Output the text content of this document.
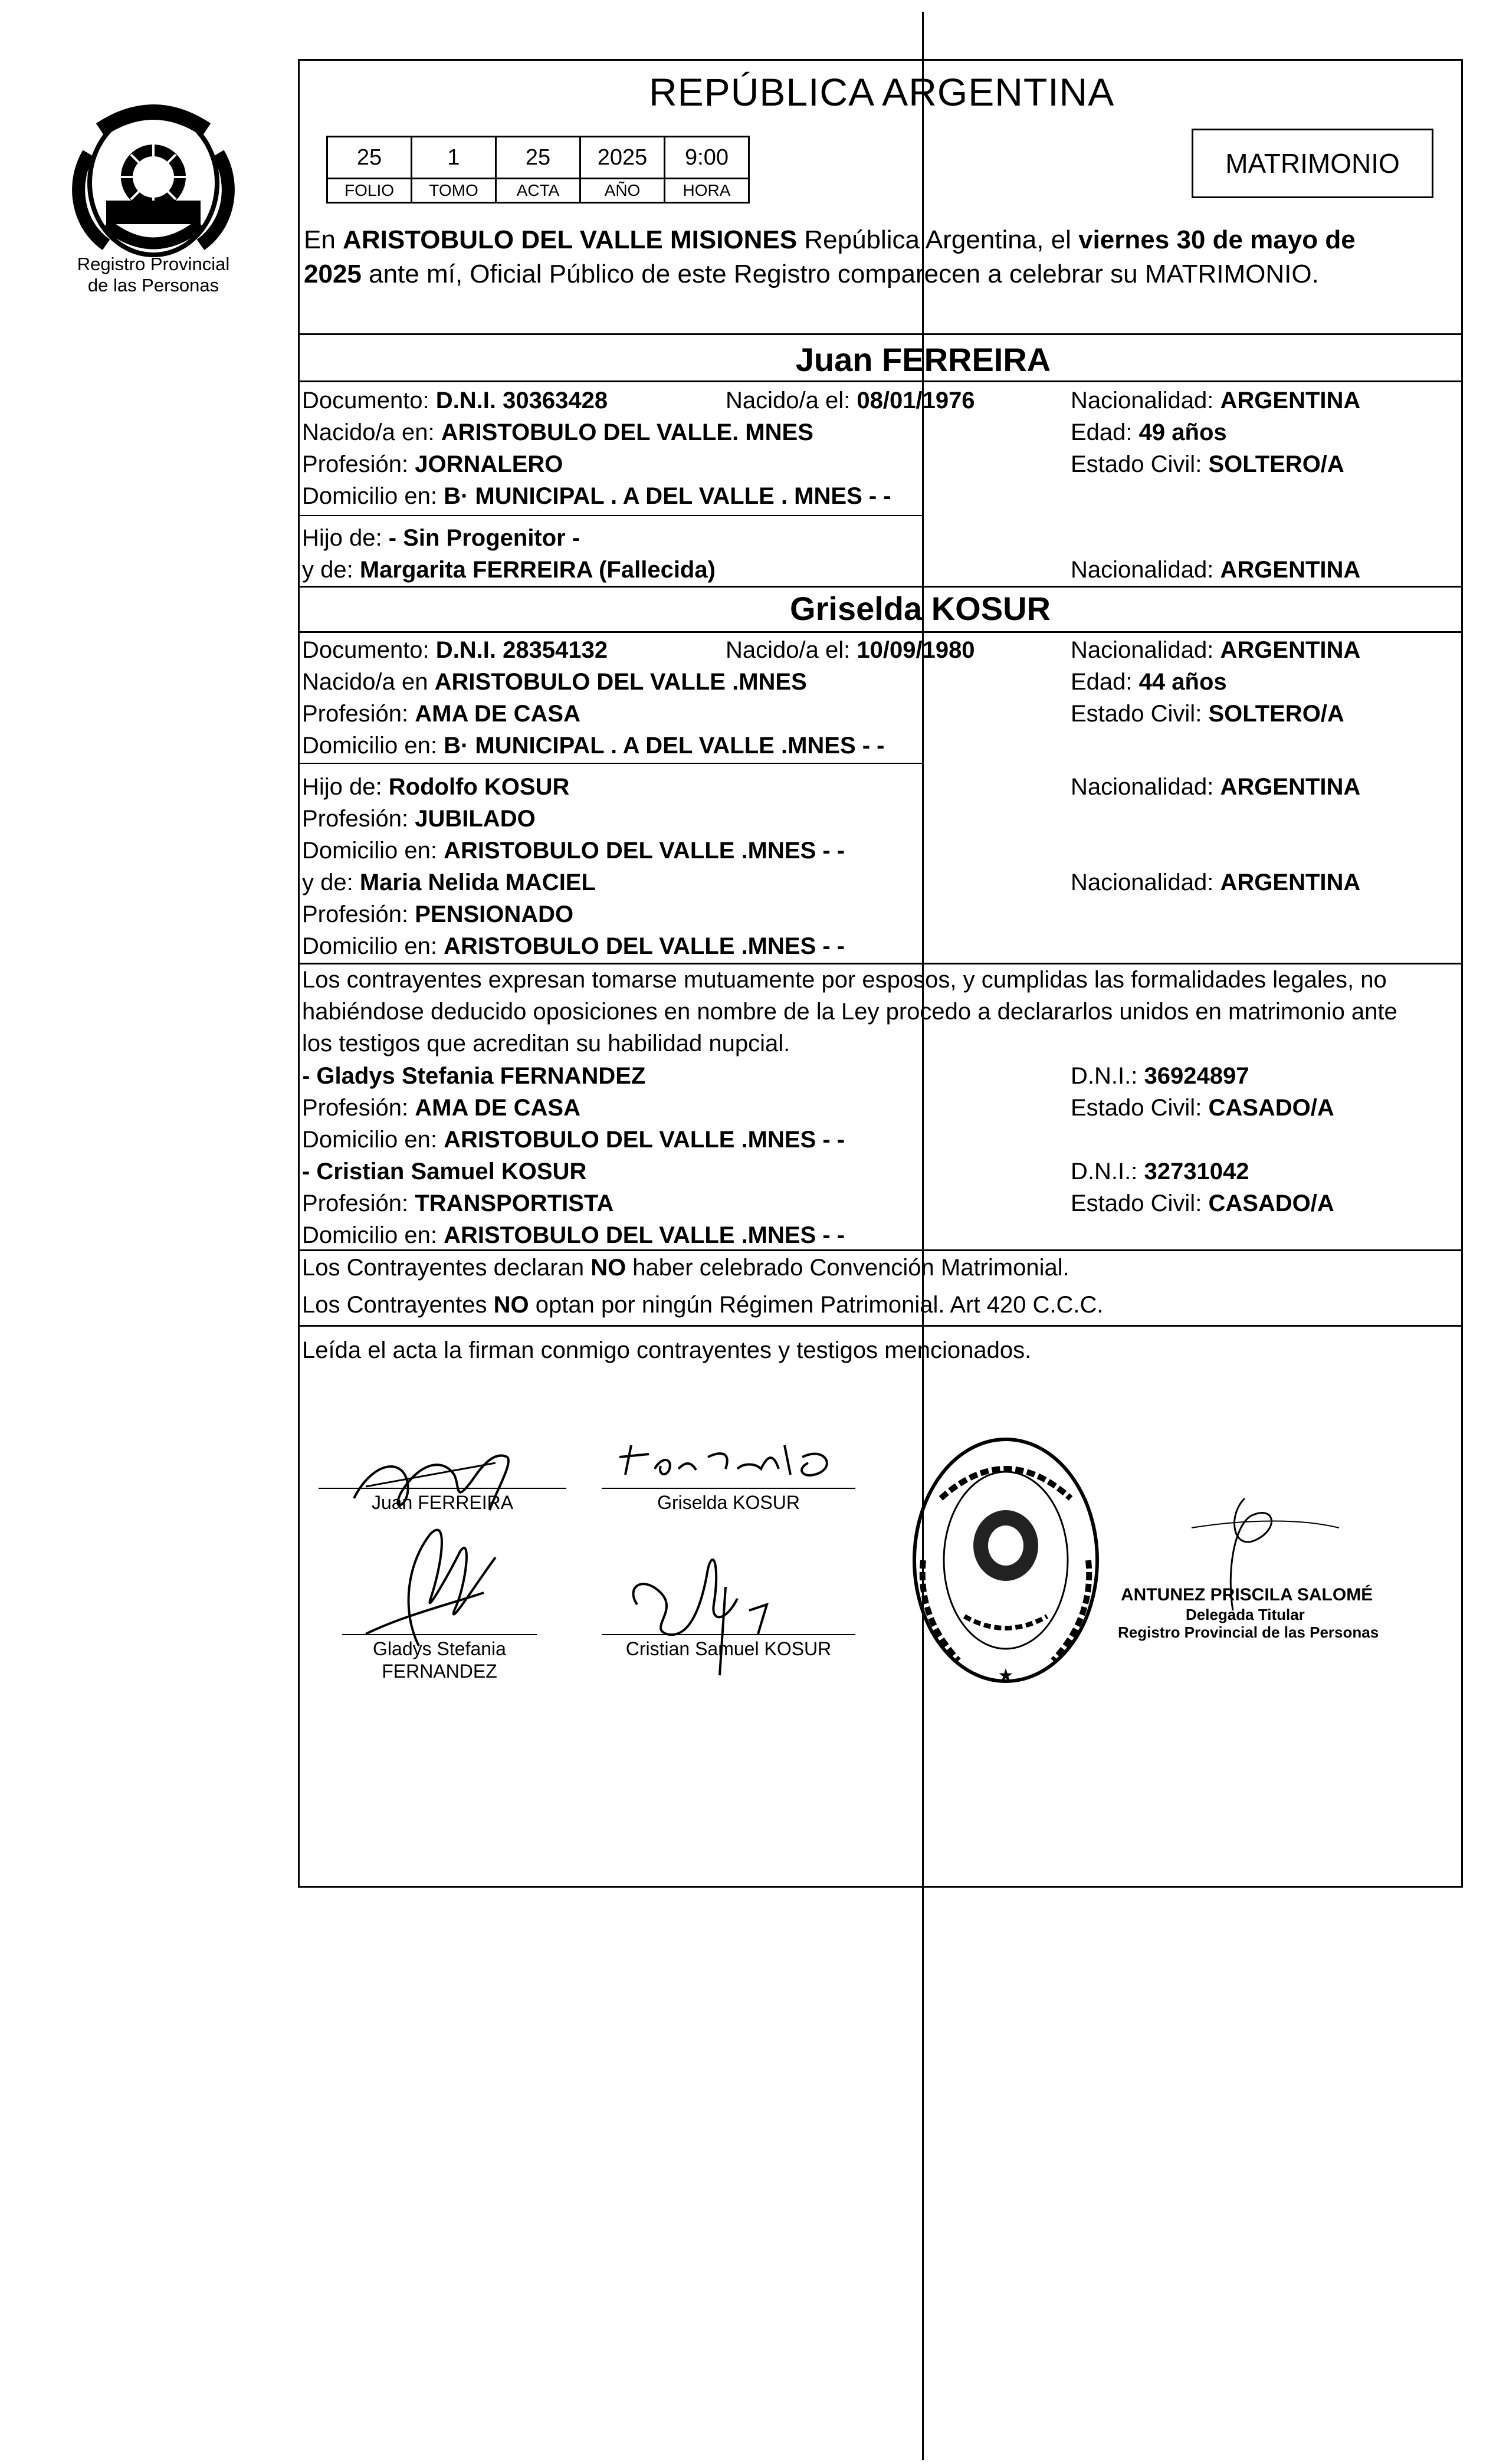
Registro Provincial
de las Personas
REPÚBLICA ARGENTINA
25	1	25	2025	9:00
FOLIO	TOMO	ACTA	AÑO	HORA
MATRIMONIO
En ARISTOBULO DEL VALLE MISIONES República Argentina, el viernes 30 de mayo de
2025 ante mí, Oficial Público de este Registro comparecen a celebrar su MATRIMONIO.
Juan FERREIRA
Documento: D.N.I. 30363428	Nacido/a el: 08/01/1976	Nacionalidad: ARGENTINA
Nacido/a en: ARISTOBULO DEL VALLE. MNES	Edad: 49 años
Profesión: JORNALERO	Estado Civil: SOLTERO/A
Domicilio en: B· MUNICIPAL . A DEL VALLE . MNES - -
Hijo de: - Sin Progenitor -
y de: Margarita FERREIRA (Fallecida)	Nacionalidad: ARGENTINA
Griselda KOSUR
Documento: D.N.I. 28354132	Nacido/a el: 10/09/1980	Nacionalidad: ARGENTINA
Nacido/a en ARISTOBULO DEL VALLE .MNES	Edad: 44 años
Profesión: AMA DE CASA	Estado Civil: SOLTERO/A
Domicilio en: B· MUNICIPAL . A DEL VALLE .MNES - -
Hijo de: Rodolfo KOSUR	Nacionalidad: ARGENTINA
Profesión: JUBILADO
Domicilio en: ARISTOBULO DEL VALLE .MNES - -
y de: Maria Nelida MACIEL	Nacionalidad: ARGENTINA
Profesión: PENSIONADO
Domicilio en: ARISTOBULO DEL VALLE .MNES - -
Los contrayentes expresan tomarse mutuamente por esposos, y cumplidas las formalidades legales, no
habiéndose deducido oposiciones en nombre de la Ley procedo a declararlos unidos en matrimonio ante
los testigos que acreditan su habilidad nupcial.
- Gladys Stefania FERNANDEZ	D.N.I.: 36924897
Profesión: AMA DE CASA	Estado Civil: CASADO/A
Domicilio en: ARISTOBULO DEL VALLE .MNES - -
- Cristian Samuel KOSUR	D.N.I.: 32731042
Profesión: TRANSPORTISTA	Estado Civil: CASADO/A
Domicilio en: ARISTOBULO DEL VALLE .MNES - -
Los Contrayentes declaran NO haber celebrado Convención Matrimonial.
Los Contrayentes NO optan por ningún Régimen Patrimonial. Art 420 C.C.C.
Leída el acta la firman conmigo contrayentes y testigos mencionados.
Juan FERREIRA	Griselda KOSUR
Gladys Stefania FERNANDEZ
Cristian Samuel KOSUR
★
ANTUNEZ PRISCILA SALOMÉ
Delegada Titular
Registro Provincial de las Personas
